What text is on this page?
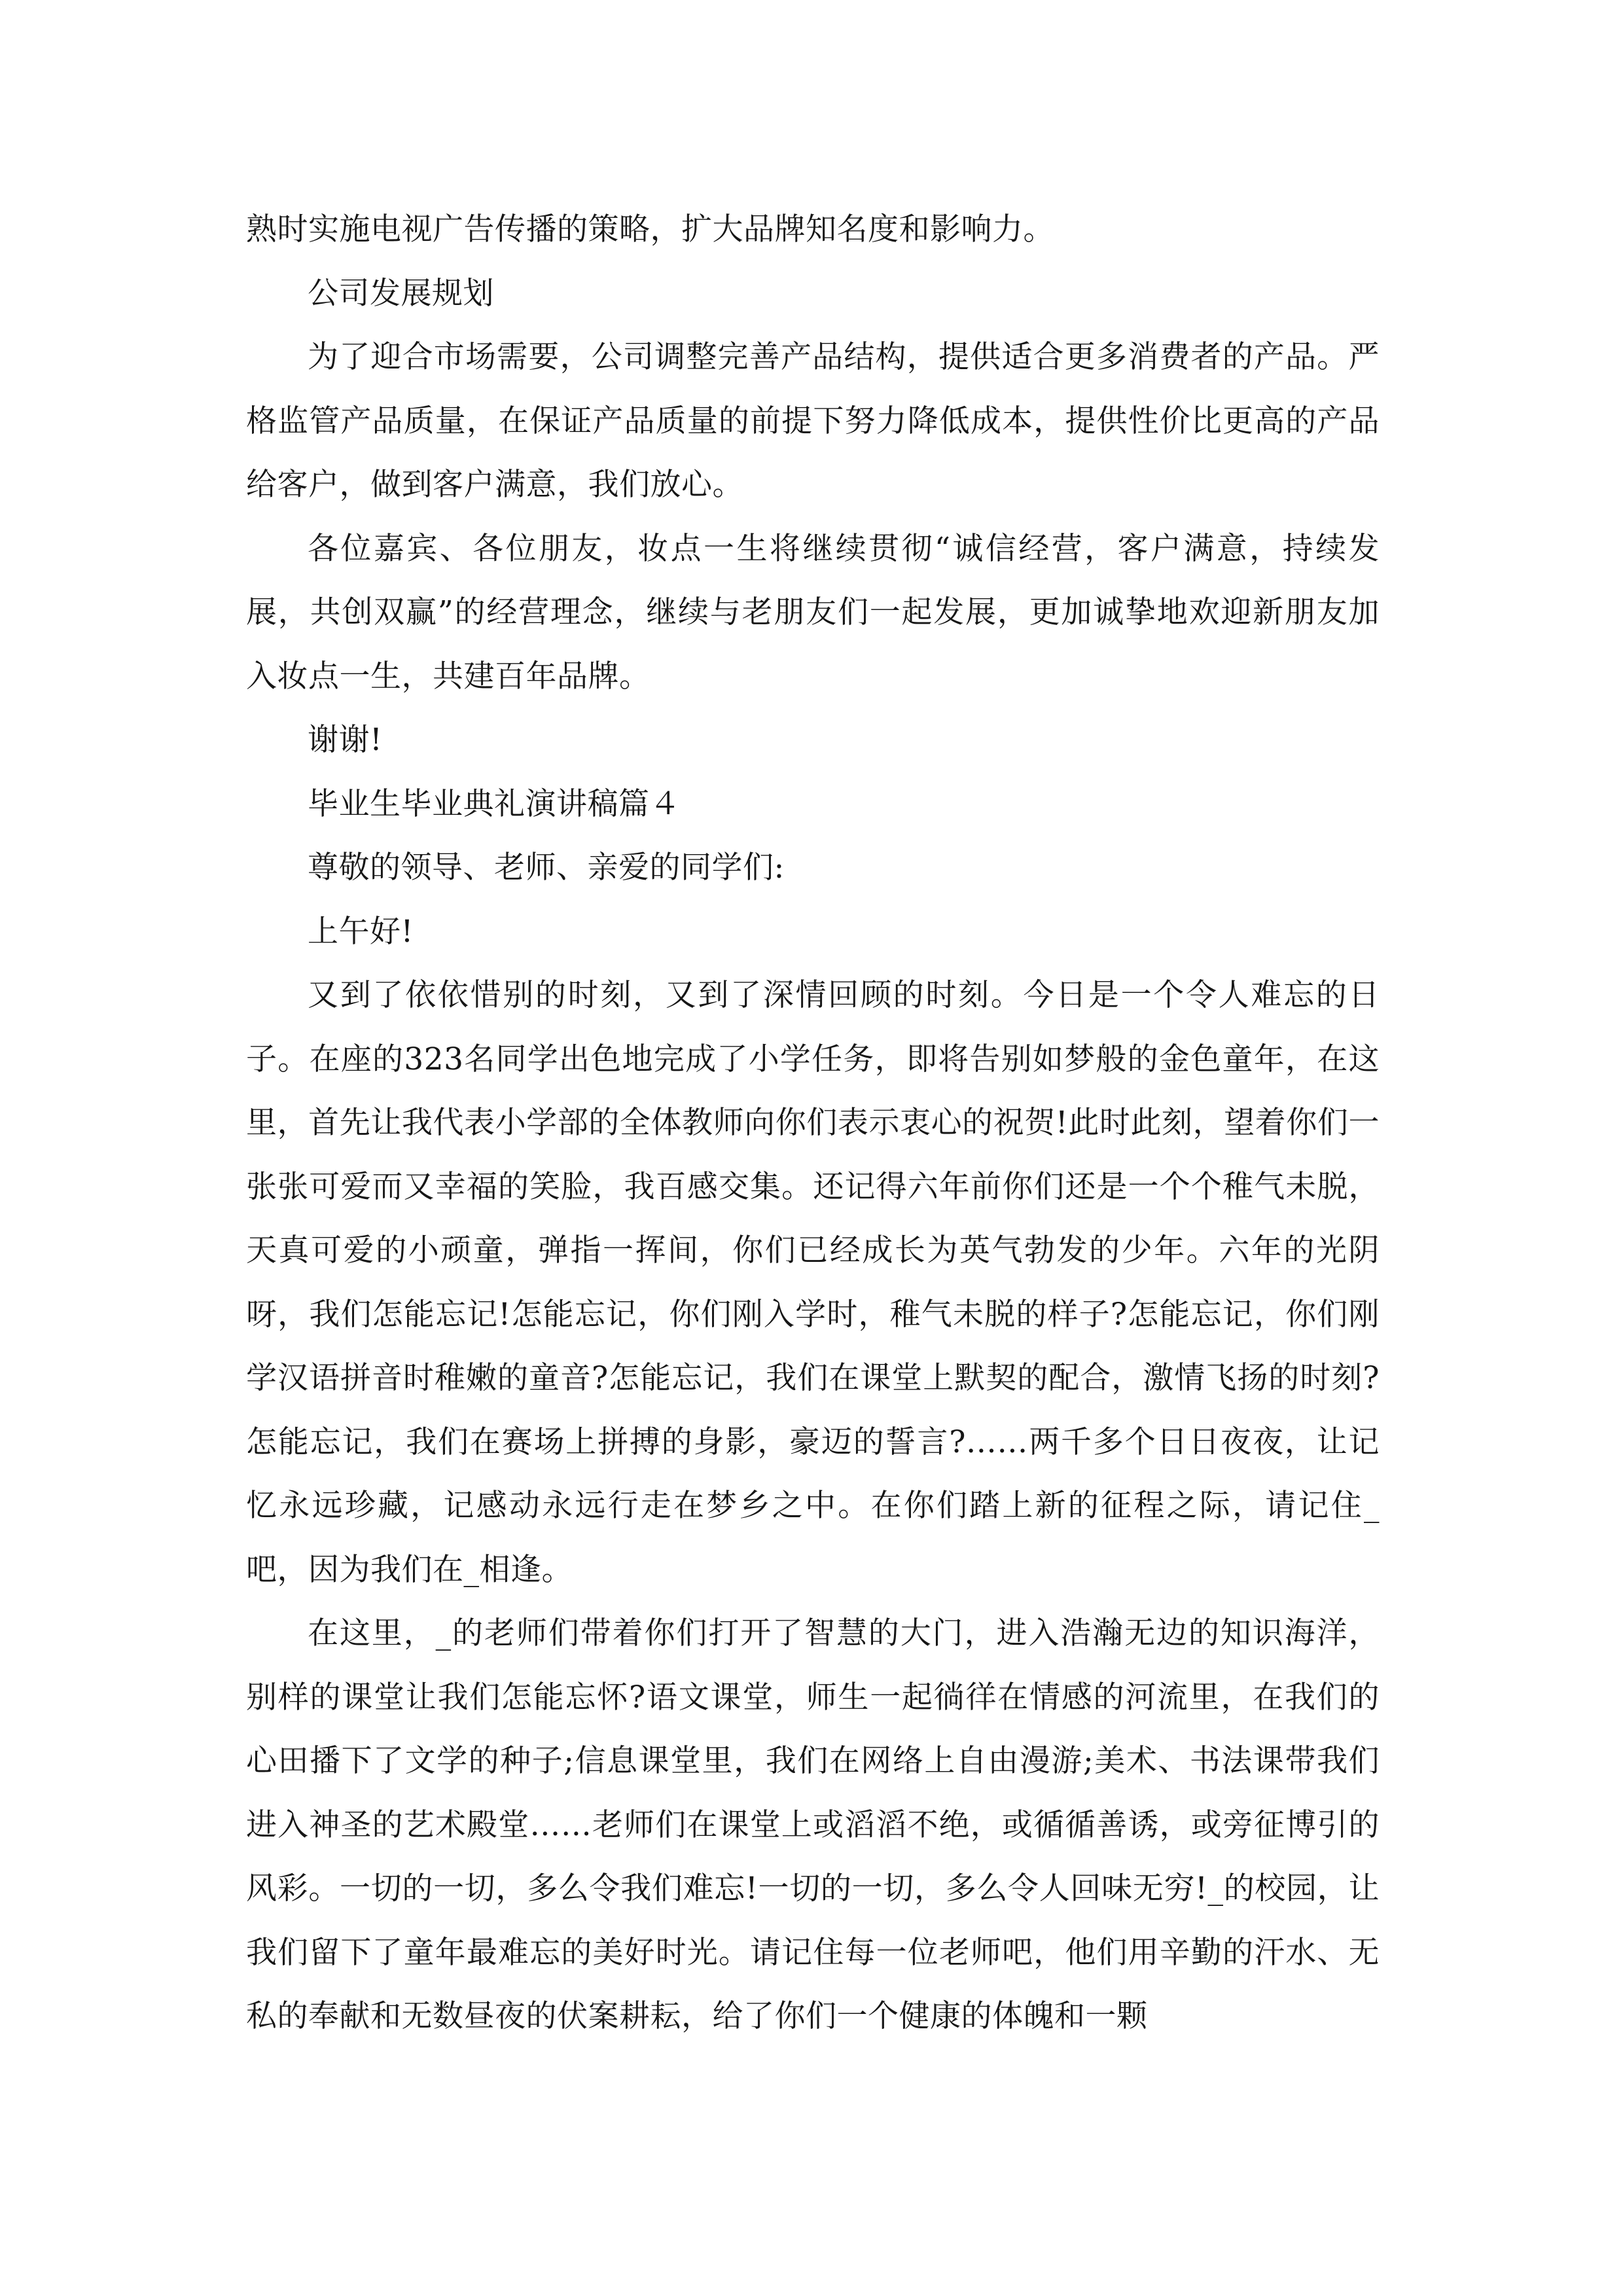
熟时实施电视广告传播的策略，扩大品牌知名度和影响力。

公司发展规划

为了迎合市场需要，公司调整完善产品结构，提供适合更多消费者的产品。严格监管产品质量，在保证产品质量的前提下努力降低成本，提供性价比更高的产品给客户，做到客户满意，我们放心。

各位嘉宾、各位朋友，妆点一生将继续贯彻“诚信经营，客户满意，持续发展，共创双赢”的经营理念，继续与老朋友们一起发展，更加诚挚地欢迎新朋友加入妆点一生，共建百年品牌。

谢谢!

毕业生毕业典礼演讲稿篇４

尊敬的领导、老师、亲爱的同学们:

上午好!

又到了依依惜别的时刻，又到了深情回顾的时刻。今日是一个令人难忘的日子。在座的323名同学出色地完成了小学任务，即将告别如梦般的金色童年，在这里，首先让我代表小学部的全体教师向你们表示衷心的祝贺!此时此刻，望着你们一张张可爱而又幸福的笑脸，我百感交集。还记得六年前你们还是一个个稚气未脱，天真可爱的小顽童，弹指一挥间，你们已经成长为英气勃发的少年。六年的光阴呀，我们怎能忘记!怎能忘记，你们刚入学时，稚气未脱的样子?怎能忘记，你们刚学汉语拼音时稚嫩的童音?怎能忘记，我们在课堂上默契的配合，激情飞扬的时刻?怎能忘记，我们在赛场上拼搏的身影，豪迈的誓言?……两千多个日日夜夜，让记忆永远珍藏，记感动永远行走在梦乡之中。在你们踏上新的征程之际，请记住_吧，因为我们在_相逢。

在这里，_的老师们带着你们打开了智慧的大门，进入浩瀚无边的知识海洋，别样的课堂让我们怎能忘怀?语文课堂，师生一起徜徉在情感的河流里，在我们的心田播下了文学的种子;信息课堂里，我们在网络上自由漫游;美术、书法课带我们进入神圣的艺术殿堂……老师们在课堂上或滔滔不绝，或循循善诱，或旁征博引的风彩。一切的一切，多么令我们难忘!一切的一切，多么令人回味无穷!_的校园，让我们留下了童年最难忘的美好时光。请记住每一位老师吧，他们用辛勤的汗水、无私的奉献和无数昼夜的伏案耕耘，给了你们一个健康的体魄和一颗
